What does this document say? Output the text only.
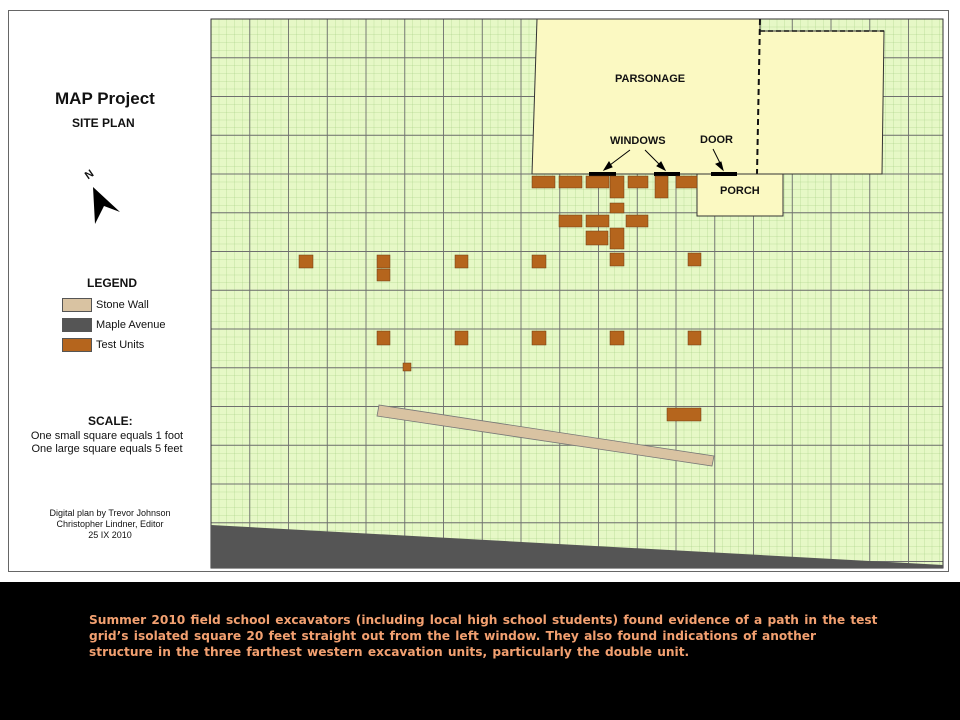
N
MAP Project
SITE PLAN
LEGEND
Stone Wall
Maple Avenue
Test Units
SCALE:
One small square equals 1 foot
One large square equals 5 feet
Digital plan by Trevor Johnson
Christopher Lindner, Editor
25 IX 2010
PARSONAGE
WINDOWS	DOOR
PORCH
Summer 2010 field school excavators (including local high school students) found evidence of a path in the test grid’s isolated square 20 feet straight out from the left window. They also found indications of another structure in the three farthest western excavation units, particularly the double unit.
